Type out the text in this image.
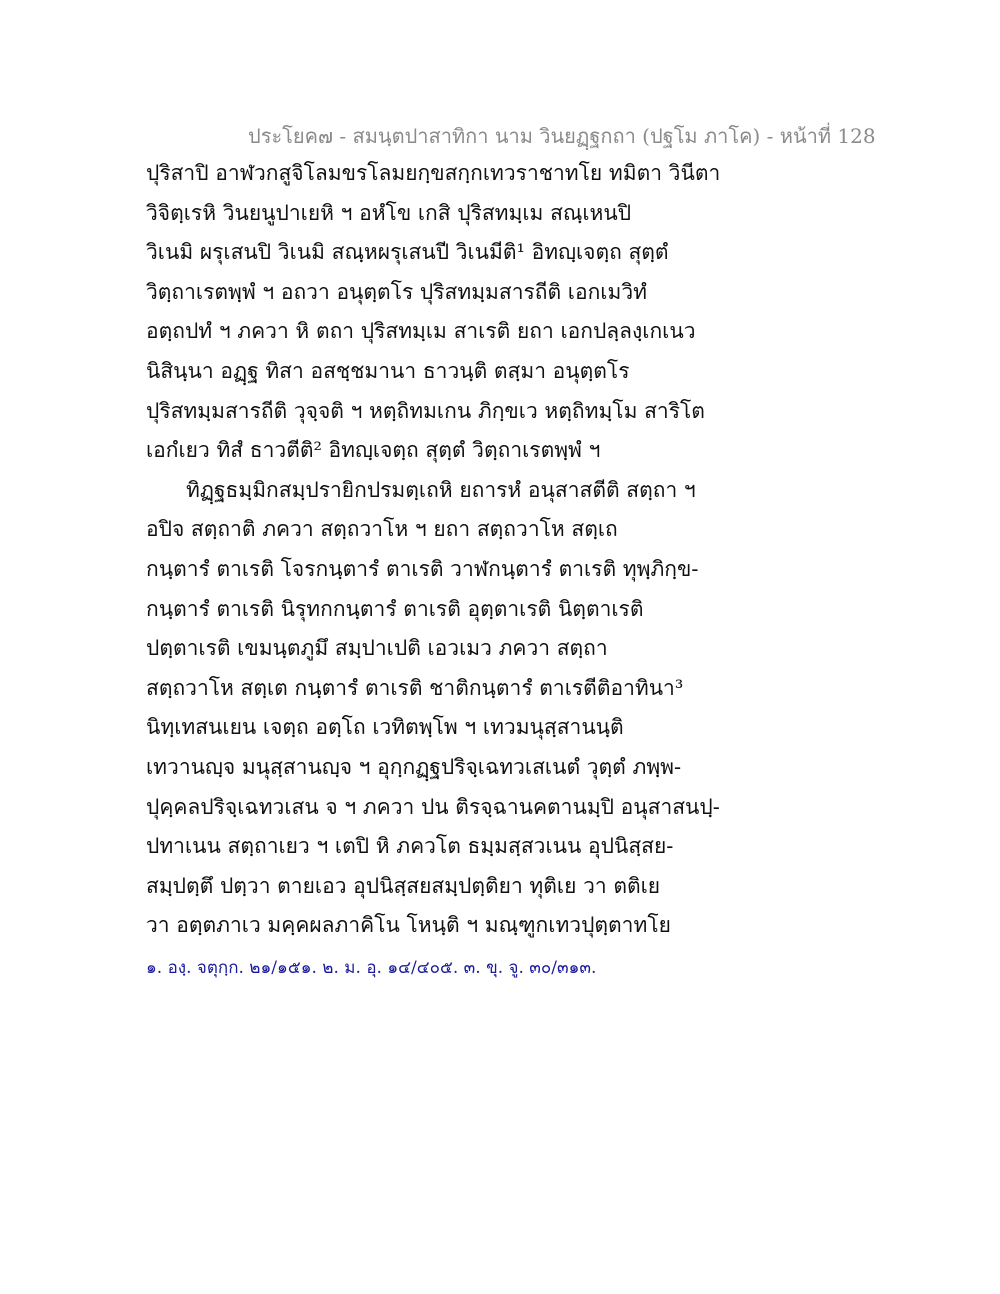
ประโยค๗ - สมนฺตปาสาทิกา นาม วินยฏฺฐกถา (ปฐโม ภาโค) - หน้าที่ 128
ปุริสาปิ อาฬวกสูจิโลมขรโลมยกฺขสกฺกเทวราชาทโย ทมิตา วินีตา
วิจิตฺเรหิ วินยนูปาเยหิ ฯ อหํโข เกสิ ปุริสทมฺเม สณฺเหนปิ
วิเนมิ ผรุเสนปิ วิเนมิ สณฺหผรุเสนปี วิเนมีติ¹ อิทญฺเจตฺถ สุตฺตํ
วิตฺถาเรตพฺพํ ฯ อถวา อนุตฺตโร ปุริสทมฺมสารถีติ เอกเมวิทํ
อตฺถปทํ ฯ ภควา หิ ตถา ปุริสทมฺเม สาเรติ ยถา เอกปลฺลงฺเกเนว
นิสินฺนา อฏฺฐ ทิสา อสชฺชมานา ธาวนฺติ ตสฺมา อนุตฺตโร
ปุริสทมฺมสารถีติ วุจฺจติ ฯ หตฺถิทมเกน ภิกฺขเว หตฺถิทมฺโม สาริโต
เอกํเยว ทิสํ ธาวตีติ² อิทญฺเจตฺถ สุตฺตํ วิตฺถาเรตพฺพํ ฯ
ทิฏฺฐธมฺมิกสมฺปรายิกปรมตฺเถหิ ยถารหํ อนุสาสตีติ สตฺถา ฯ
อปิจ สตฺถาติ ภควา สตฺถวาโห ฯ ยถา สตฺถวาโห สตฺเถ
กนฺตารํ ตาเรติ โจรกนฺตารํ ตาเรติ วาฬกนฺตารํ ตาเรติ ทุพฺภิกฺข-
กนฺตารํ ตาเรติ นิรุทกกนฺตารํ ตาเรติ อุตฺตาเรติ นิตฺตาเรติ
ปตฺตาเรติ เขมนฺตภูมึ สมฺปาเปติ เอวเมว ภควา สตฺถา
สตฺถวาโห สตฺเต กนฺตารํ ตาเรติ ชาติกนฺตารํ ตาเรตีติอาทินา³
นิทฺเทสนเยน เจตฺถ อตฺโถ เวทิตพฺโพ ฯ เทวมนุสฺสานนฺติ
เทวานญฺจ มนุสฺสานญฺจ ฯ อุกฺกฏฺฐปริจฺเฉทวเสเนตํ วุตฺตํ ภพฺพ-
ปุคฺคลปริจฺเฉทวเสน จ ฯ ภควา ปน ติรจฺฉานคตานมฺปิ อนุสาสนปฺ-
ปทาเนน สตฺถาเยว ฯ เตปิ หิ ภควโต ธมฺมสฺสวเนน อุปนิสฺสย-
สมฺปตฺตึ ปตฺวา ตายเอว อุปนิสฺสยสมฺปตฺติยา ทุติเย วา ตติเย
วา อตฺตภาเว มคฺคผลภาคิโน โหนฺติ ฯ มณฺฑูกเทวปุตฺตาทโย
๑. องฺ. จตุกฺก. ๒๑/๑๕๑. ๒. ม. อุ. ๑๔/๔๐๕. ๓. ขุ. จู. ๓๐/๓๑๓.
